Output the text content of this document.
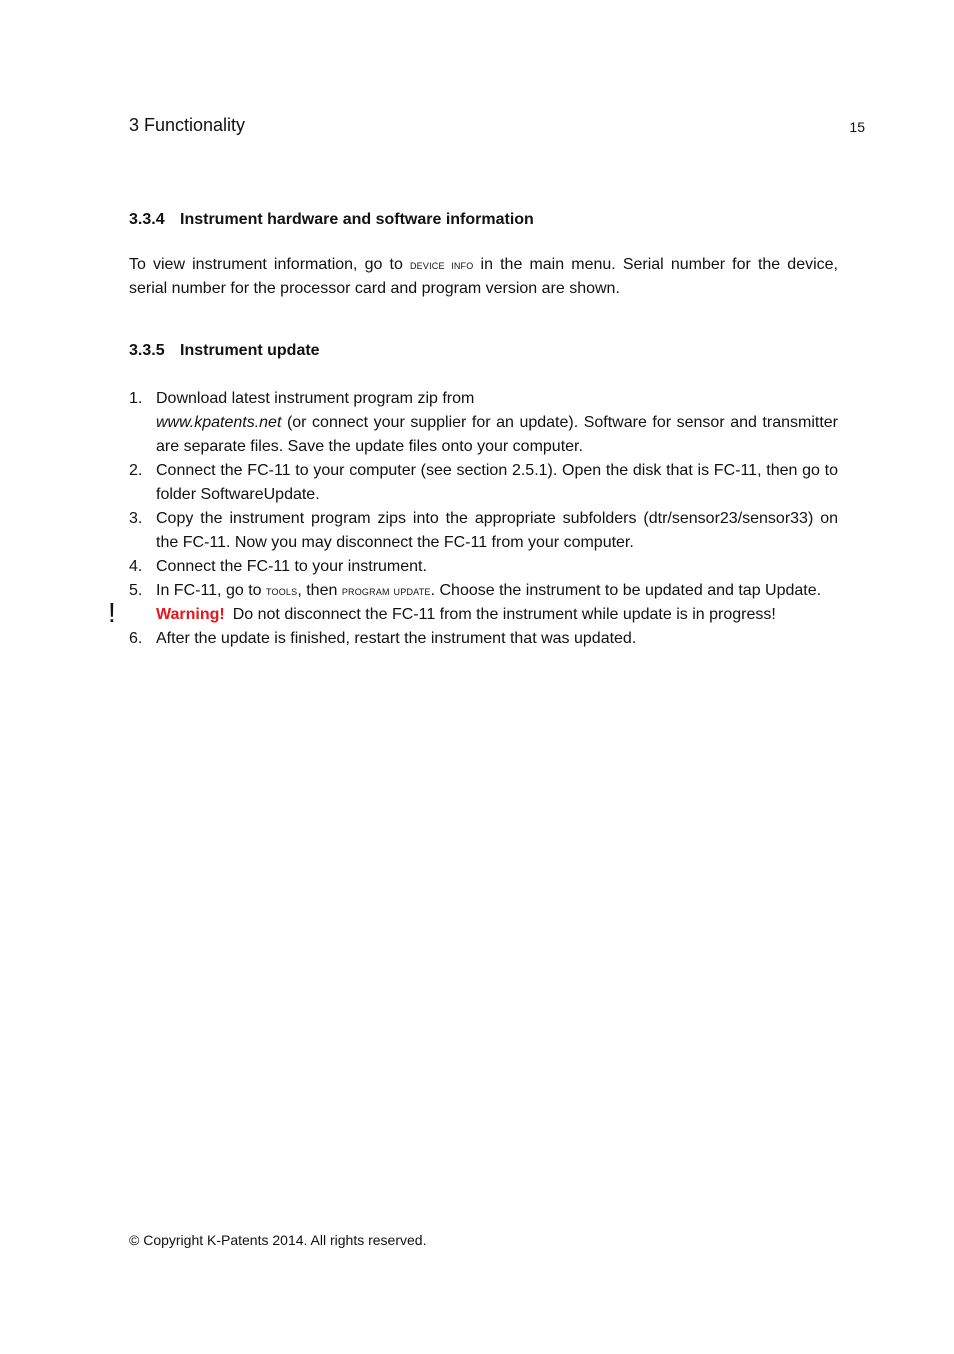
3 Functionality	15
3.3.4 Instrument hardware and software information
To view instrument information, go to device info in the main menu. Serial number for the device, serial number for the processor card and program version are shown.
3.3.5 Instrument update
1. Download latest instrument program zip from
www.kpatents.net (or connect your supplier for an update). Software for sensor and transmitter are separate files. Save the update files onto your computer.
2. Connect the FC-11 to your computer (see section 2.5.1). Open the disk that is FC-11, then go to folder SoftwareUpdate.
3. Copy the instrument program zips into the appropriate subfolders (dtr/sensor23/sensor33) on the FC-11. Now you may disconnect the FC-11 from your computer.
4. Connect the FC-11 to your instrument.
5. In FC-11, go to tools, then program update. Choose the instrument to be updated and tap Update.
!	Warning! Do not disconnect the FC-11 from the instrument while update is in progress!
6. After the update is finished, restart the instrument that was updated.
© Copyright K-Patents 2014. All rights reserved.
